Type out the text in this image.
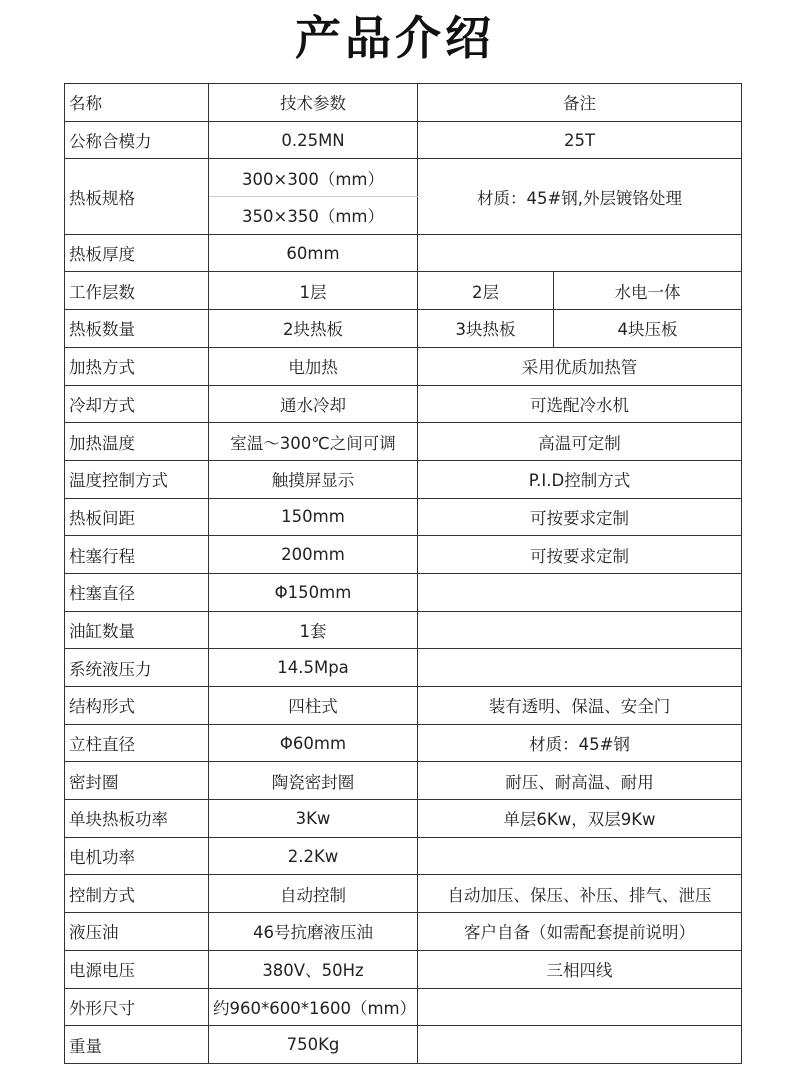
产品介绍
名称	技术参数	备注	
公称合模力	0.25MN	25T	
热板规格	300×300（mm）	材质：45#钢,外层镀铬处理	
	350×350（mm）		
热板厚度	60mm		
工作层数	1层	2层	水电一体
热板数量	2块热板	3块热板	4块压板
加热方式	电加热	采用优质加热管	
冷却方式	通水冷却	可选配冷水机	
加热温度	室温～300℃之间可调	高温可定制	
温度控制方式	触摸屏显示	P.I.D控制方式	
热板间距	150mm	可按要求定制	
柱塞行程	200mm	可按要求定制	
柱塞直径	Φ150mm		
油缸数量	1套		
系统液压力	14.5Mpa		
结构形式	四柱式	装有透明、保温、安全门	
立柱直径	Φ60mm	材质：45#钢	
密封圈	陶瓷密封圈	耐压、耐高温、耐用	
单块热板功率	3Kw	单层6Kw，双层9Kw	
电机功率	2.2Kw		
控制方式	自动控制	自动加压、保压、补压、排气、泄压	
液压油	46号抗磨液压油	客户自备（如需配套提前说明）	
电源电压	380V、50Hz	三相四线	
外形尺寸	约960*600*1600（mm）		
重量	750Kg		
